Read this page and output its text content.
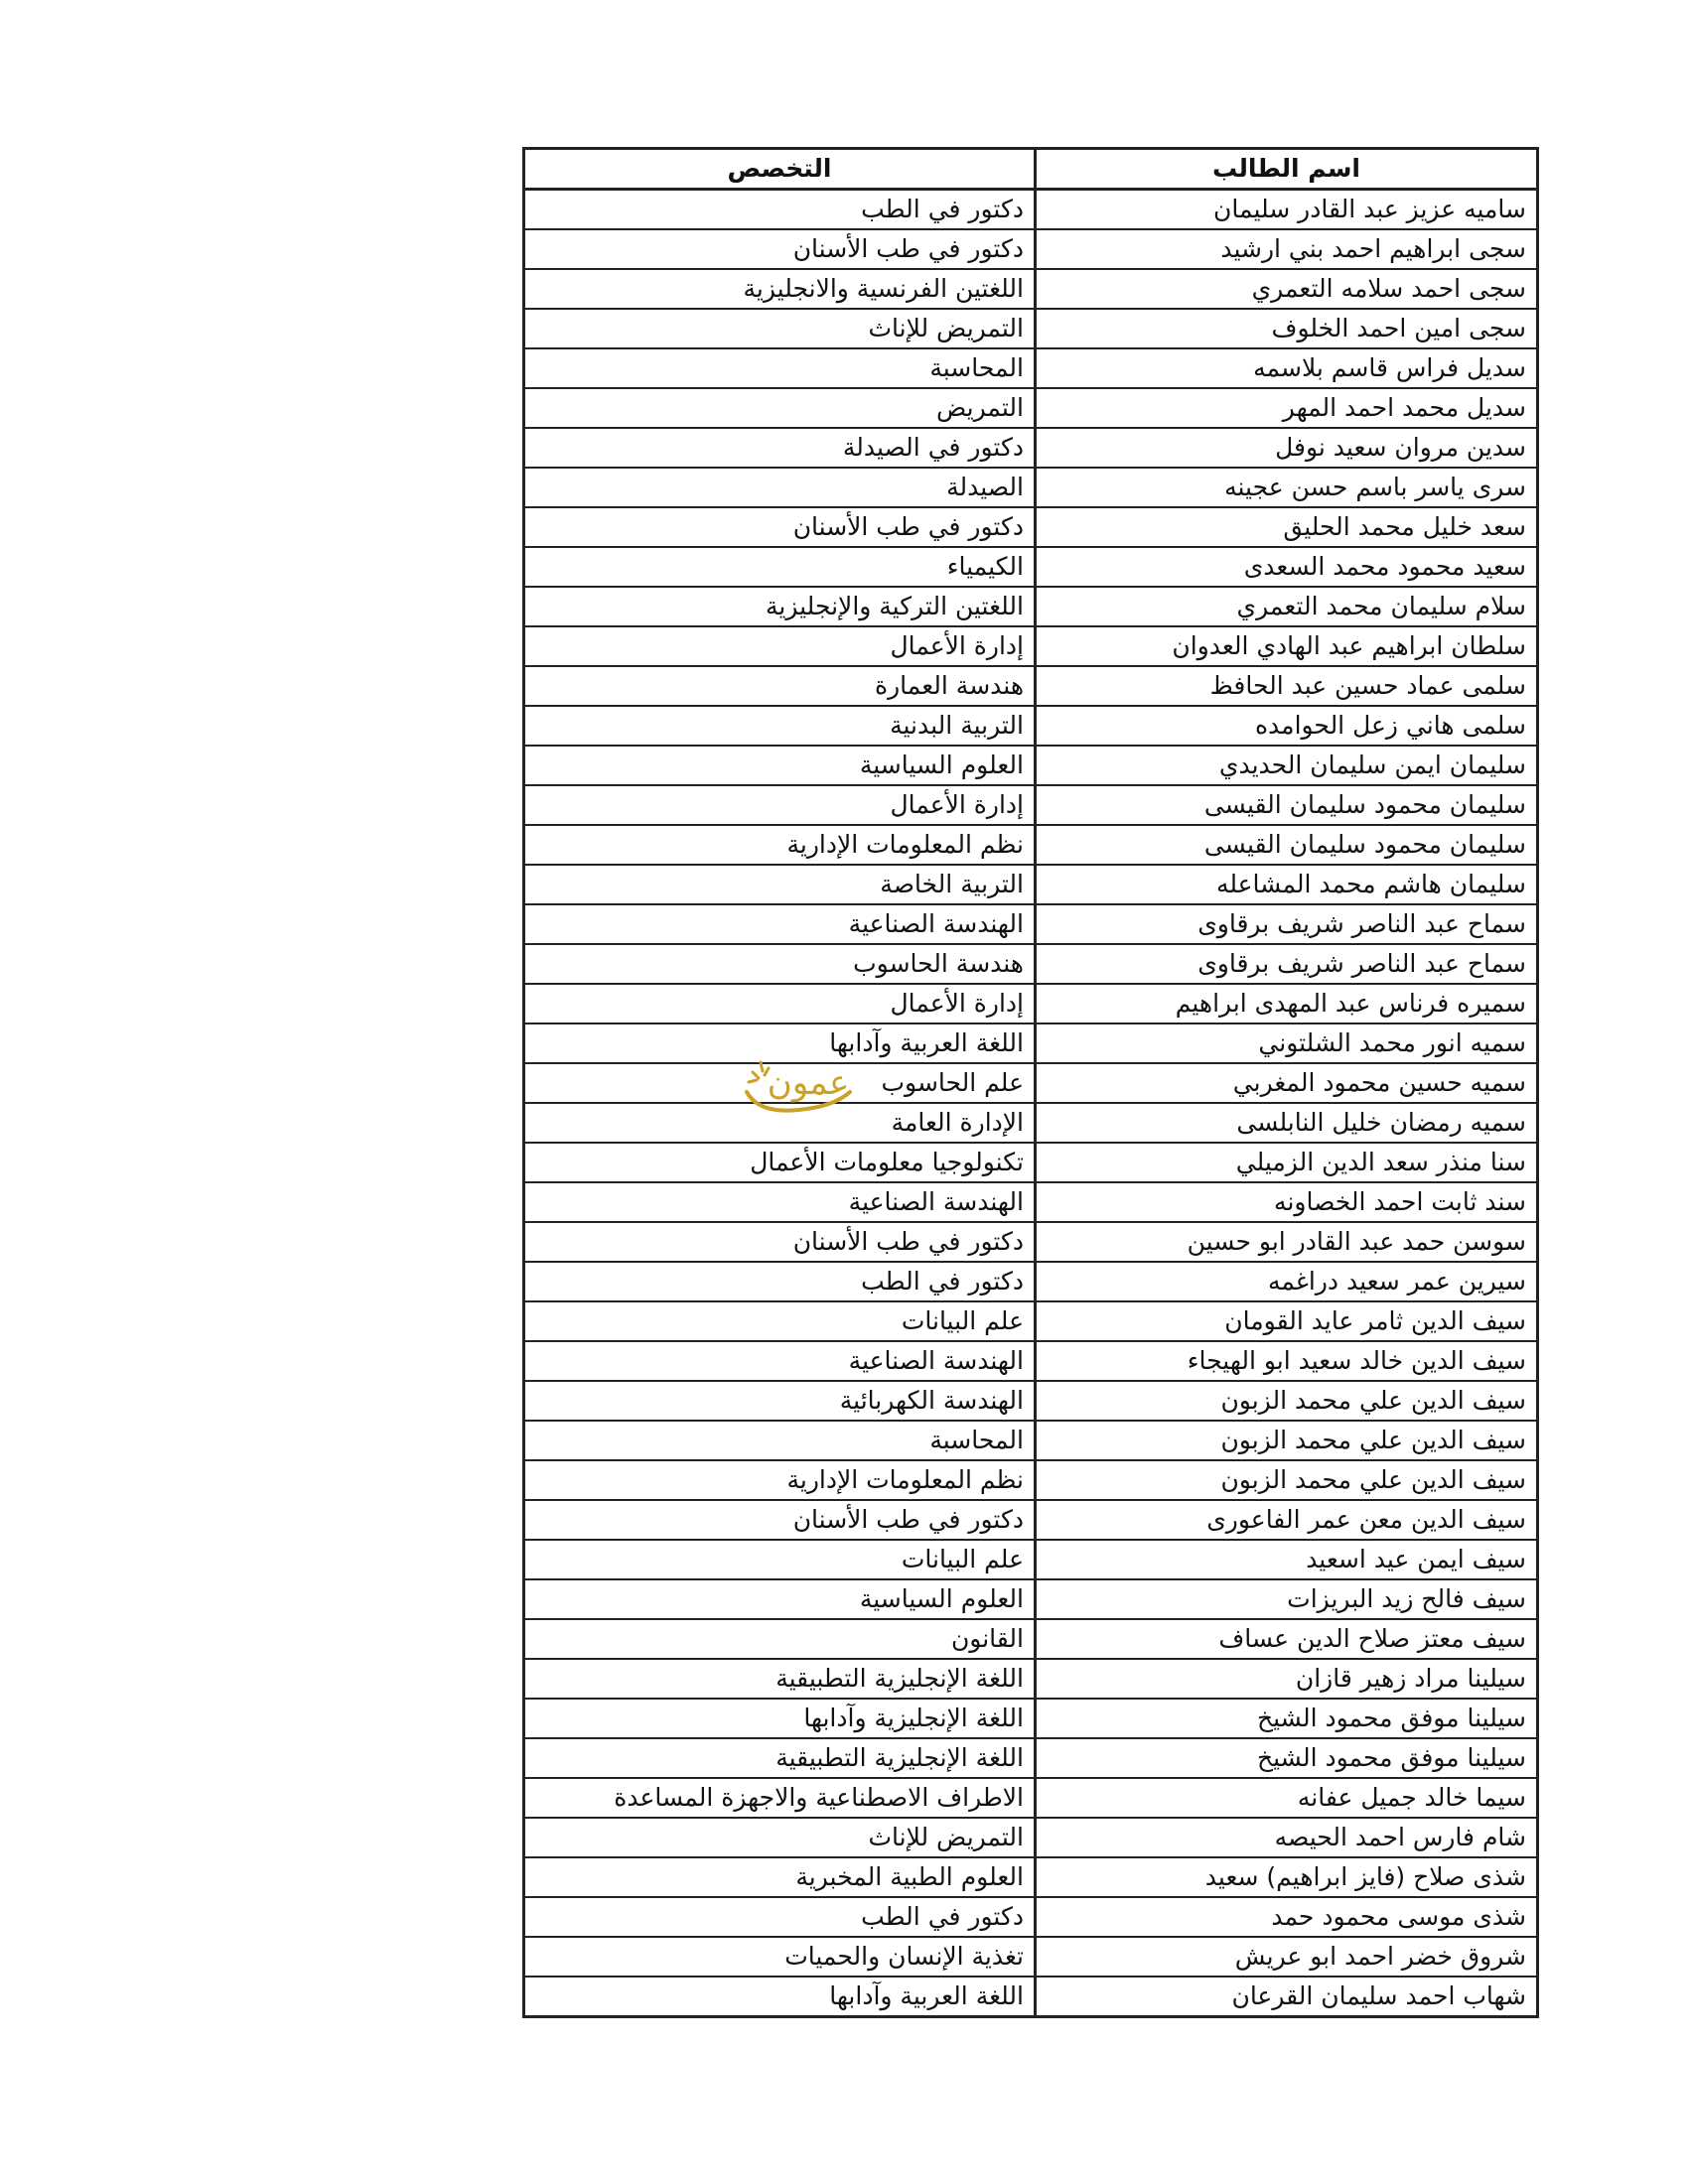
اسم الطالب	التخصص
ساميه عزيز عبد القادر سليمان	دكتور في الطب
سجى ابراهيم احمد بني ارشيد	دكتور في طب الأسنان
سجى احمد سلامه التعمري	اللغتين الفرنسية والانجليزية
سجى امين احمد الخلوف	التمريض للإناث
سديل فراس قاسم بلاسمه	المحاسبة
سديل محمد احمد المهر	التمريض
سدين مروان سعيد نوفل	دكتور في الصيدلة
سرى ياسر باسم حسن عجينه	الصيدلة
سعد خليل محمد الحليق	دكتور في طب الأسنان
سعيد محمود محمد السعدى	الكيمياء
سلام سليمان محمد التعمري	اللغتين التركية والإنجليزية
سلطان ابراهيم عبد الهادي العدوان	إدارة الأعمال
سلمى عماد حسين عبد الحافظ	هندسة العمارة
سلمى هاني زعل الحوامده	التربية البدنية
سليمان ايمن سليمان الحديدي	العلوم السياسية
سليمان محمود سليمان القيسى	إدارة الأعمال
سليمان محمود سليمان القيسى	نظم المعلومات الإدارية
سليمان هاشم محمد المشاعله	التربية الخاصة
سماح عبد الناصر شريف برقاوى	الهندسة الصناعية
سماح عبد الناصر شريف برقاوى	هندسة الحاسوب
سميره فرناس عبد المهدى ابراهيم	إدارة الأعمال
سميه انور محمد الشلتوني	اللغة العربية وآدابها
سميه حسين محمود المغربي	علم الحاسوب
سميه رمضان خليل النابلسى	الإدارة العامة
سنا منذر سعد الدين الزميلي	تكنولوجيا معلومات الأعمال
سند ثابت احمد الخصاونه	الهندسة الصناعية
سوسن حمد عبد القادر ابو حسين	دكتور في طب الأسنان
سيرين عمر سعيد دراغمه	دكتور في الطب
سيف الدين ثامر عايد القومان	علم البيانات
سيف الدين خالد سعيد ابو الهيجاء	الهندسة الصناعية
سيف الدين علي محمد الزبون	الهندسة الكهربائية
سيف الدين علي محمد الزبون	المحاسبة
سيف الدين علي محمد الزبون	نظم المعلومات الإدارية
سيف الدين معن عمر الفاعورى	دكتور في طب الأسنان
سيف ايمن عيد اسعيد	علم البيانات
سيف فالح زيد البريزات	العلوم السياسية
سيف معتز صلاح الدين عساف	القانون
سيلينا مراد زهير قازان	اللغة الإنجليزية التطبيقية
سيلينا موفق محمود الشيخ	اللغة الإنجليزية وآدابها
سيلينا موفق محمود الشيخ	اللغة الإنجليزية التطبيقية
سيما خالد جميل عفانه	الاطراف الاصطناعية والاجهزة المساعدة
شام فارس احمد الحيصه	التمريض للإناث
شذى صلاح (فايز ابراهيم) سعيد	العلوم الطبية المخبرية
شذى موسى محمود حمد	دكتور في الطب
شروق خضر احمد ابو عريش	تغذية الإنسان والحميات
شهاب احمد سليمان القرعان	اللغة العربية وآدابها
عمون
